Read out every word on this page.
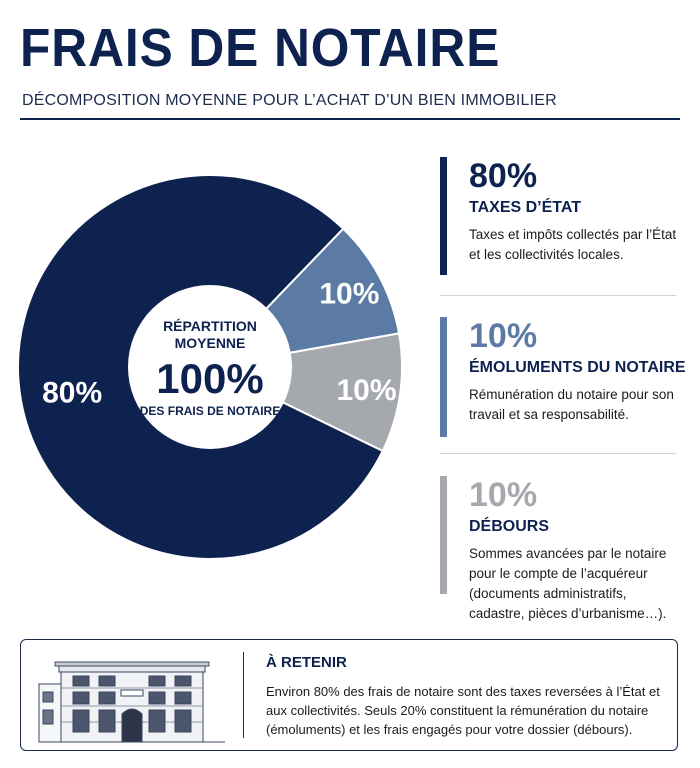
FRAIS DE NOTAIRE
DÉCOMPOSITION MOYENNE POUR L’ACHAT D’UN BIEN IMMOBILIER
10%
10%
80%
RÉPARTITION
MOYENNE
100%
DES FRAIS DE NOTAIRE
80%
TAXES D’ÉTAT
Taxes et impôts collectés par l’État et les collectivités locales.
10%
ÉMOLUMENTS DU NOTAIRE
Rémunération du notaire pour son travail et sa responsabilité.
10%
DÉBOURS
Sommes avancées par le notaire pour le compte de l’acquéreur (documents administratifs, cadastre, pièces d’urbanisme…).
À RETENIR
Environ 80% des frais de notaire sont des taxes reversées à l’État et aux collectivités. Seuls 20% constituent la rémunération du notaire (émoluments) et les frais engagés pour votre dossier (débours).
